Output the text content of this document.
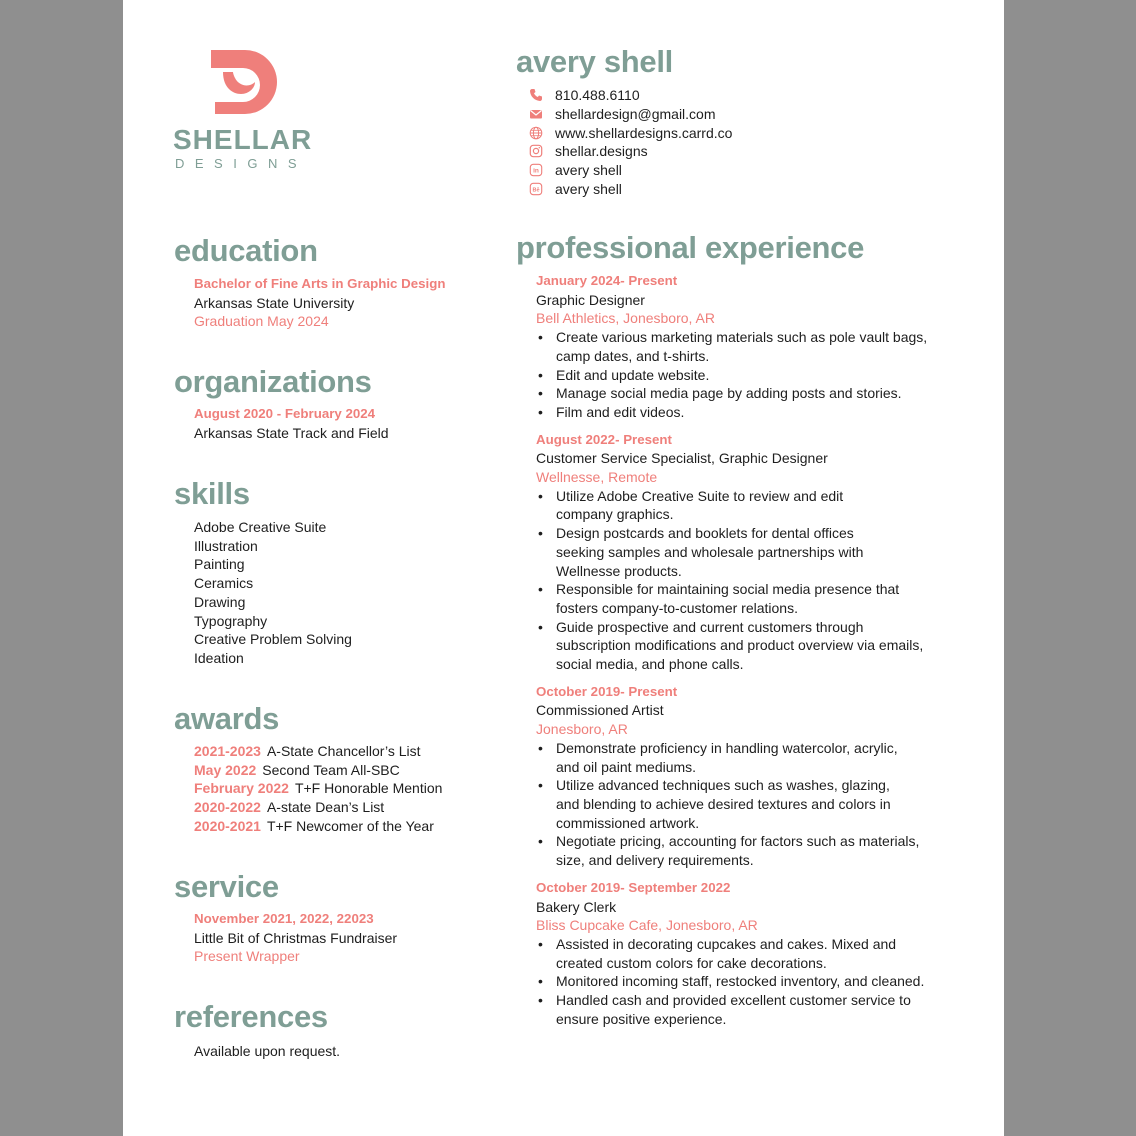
SHELLAR
DESIGNS
avery shell
810.488.6110
shellardesign@gmail.com
www.shellardesigns.carrd.co
shellar.designs
in avery shell
Bē avery shell
education
Bachelor of Fine Arts in Graphic Design
Arkansas State University
Graduation May 2024
organizations
August 2020 - February 2024
Arkansas State Track and Field
skills
Adobe Creative Suite
Illustration
Painting
Ceramics
Drawing
Typography
Creative Problem Solving
Ideation
awards
2021-2023 A-State Chancellor’s List
May 2022 Second Team All-SBC
February 2022 T+F Honorable Mention
2020-2022 A-state Dean’s List
2020-2021 T+F Newcomer of the Year
service
November 2021, 2022, 22023
Little Bit of Christmas Fundraiser
Present Wrapper
references
Available upon request.
professional experience
January 2024- Present
Graphic Designer
Bell Athletics, Jonesboro, AR
• Create various marketing materials such as pole vault bags,
camp dates, and t-shirts.
• Edit and update website.
• Manage social media page by adding posts and stories.
• Film and edit videos.
August 2022- Present
Customer Service Specialist, Graphic Designer
Wellnesse, Remote
• Utilize Adobe Creative Suite to review and edit
company graphics.
• Design postcards and booklets for dental offices
seeking samples and wholesale partnerships with
Wellnesse products.
• Responsible for maintaining social media presence that
fosters company-to-customer relations.
• Guide prospective and current customers through
subscription modifications and product overview via emails,
social media, and phone calls.
October 2019- Present
Commissioned Artist
Jonesboro, AR
• Demonstrate proficiency in handling watercolor, acrylic,
and oil paint mediums.
• Utilize advanced techniques such as washes, glazing,
and blending to achieve desired textures and colors in
commissioned artwork.
• Negotiate pricing, accounting for factors such as materials,
size, and delivery requirements.
October 2019- September 2022
Bakery Clerk
Bliss Cupcake Cafe, Jonesboro, AR
• Assisted in decorating cupcakes and cakes. Mixed and
created custom colors for cake decorations.
• Monitored incoming staff, restocked inventory, and cleaned.
• Handled cash and provided excellent customer service to
ensure positive experience.
